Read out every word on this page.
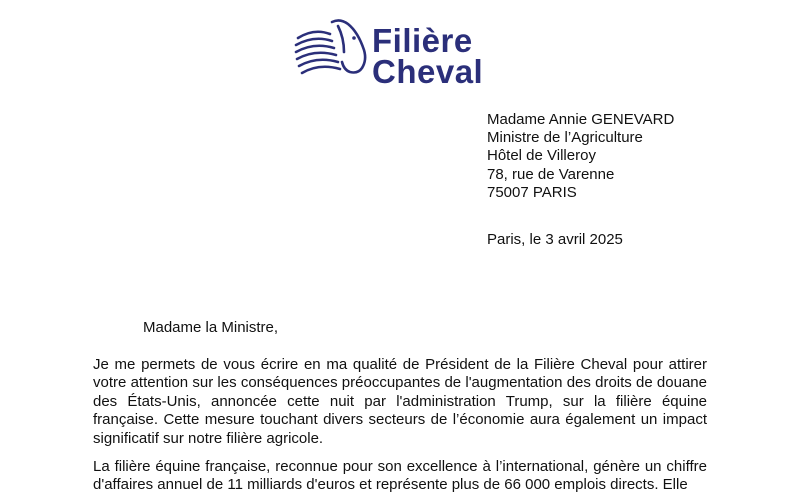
Filière
Cheval
Madame Annie GENEVARD
Ministre de l’Agriculture
Hôtel de Villeroy
78, rue de Varenne
75007 PARIS
Paris, le 3 avril 2025
Madame la Ministre,
Je me permets de vous écrire en ma qualité de Président de la Filière Cheval pour attirer votre attention sur les conséquences préoccupantes de l'augmentation des droits de douane des États-Unis, annoncée cette nuit par l'administration Trump, sur la filière équine française. Cette mesure touchant divers secteurs de l’économie aura également un impact significatif sur notre filière agricole.
La filière équine française, reconnue pour son excellence à l’international, génère un chiffre d'affaires annuel de 11 milliards d'euros et représente plus de 66 000 emplois directs. Elle
